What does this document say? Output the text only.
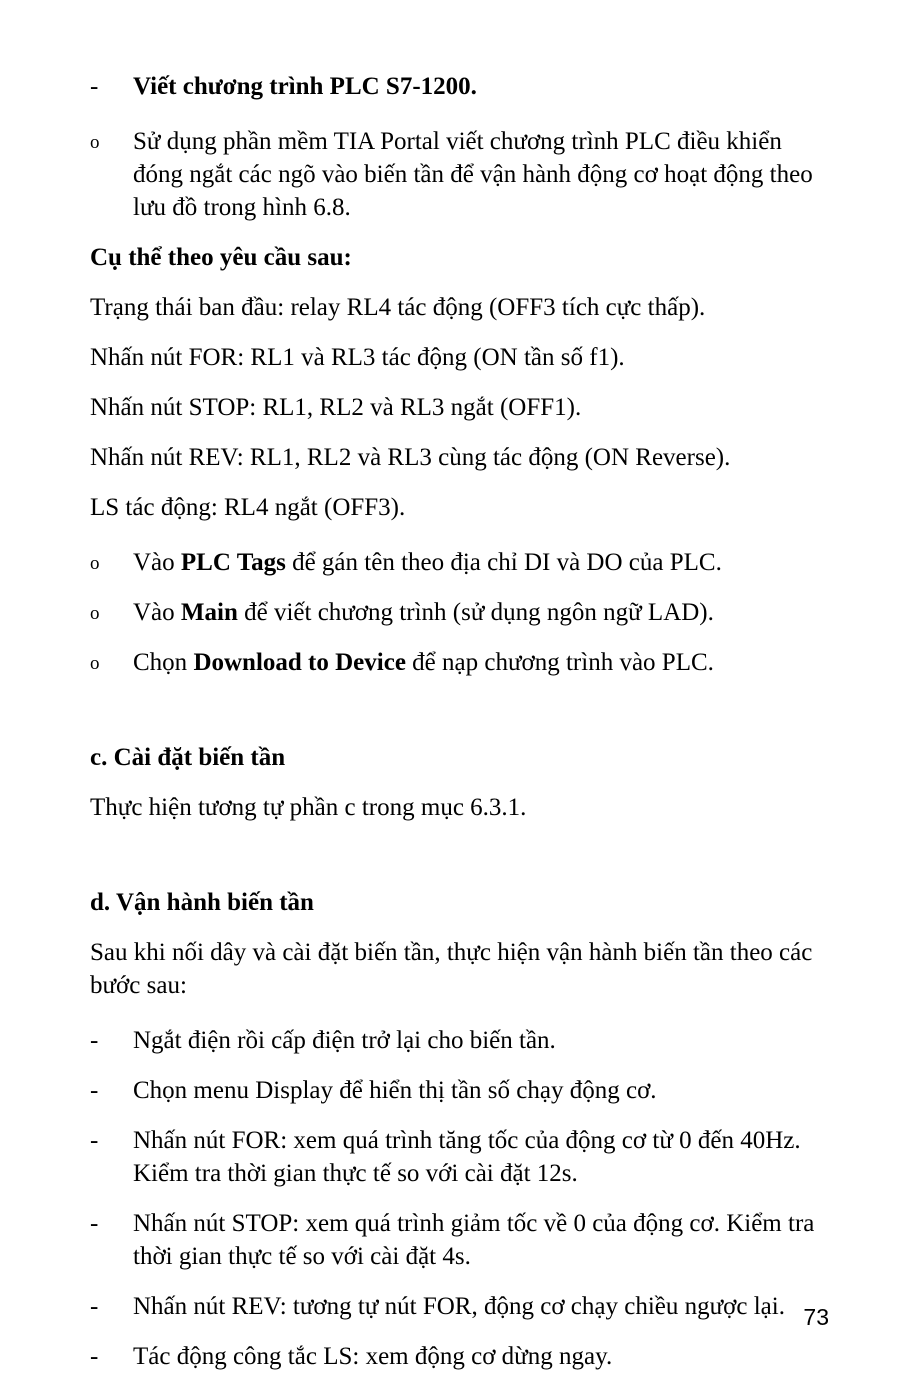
-	Viết chương trình PLC S7-1200.
o	Sử dụng phần mềm TIA Portal viết chương trình PLC điều khiển đóng ngắt các ngõ vào biến tần để vận hành động cơ hoạt động theo lưu đồ trong hình 6.8.

Cụ thể theo yêu cầu sau:

Trạng thái ban đầu: relay RL4 tác động (OFF3 tích cực thấp).

Nhấn nút FOR: RL1 và RL3 tác động (ON tần số f1).

Nhấn nút STOP: RL1, RL2 và RL3 ngắt (OFF1).

Nhấn nút REV: RL1, RL2 và RL3 cùng tác động (ON Reverse).

LS tác động: RL4 ngắt (OFF3).

o	Vào PLC Tags để gán tên theo địa chỉ DI và DO của PLC.
o	Vào Main để viết chương trình (sử dụng ngôn ngữ LAD).
o	Chọn Download to Device để nạp chương trình vào PLC.

c. Cài đặt biến tần

Thực hiện tương tự phần c trong mục 6.3.1.

d. Vận hành biến tần

Sau khi nối dây và cài đặt biến tần, thực hiện vận hành biến tần theo các bước sau:

-	Ngắt điện rồi cấp điện trở lại cho biến tần.
-	Chọn menu Display để hiển thị tần số chạy động cơ.
-	Nhấn nút FOR: xem quá trình tăng tốc của động cơ từ 0 đến 40Hz. Kiểm tra thời gian thực tế so với cài đặt 12s.
-	Nhấn nút STOP: xem quá trình giảm tốc về 0 của động cơ. Kiểm tra thời gian thực tế so với cài đặt 4s.
-	Nhấn nút REV: tương tự nút FOR, động cơ chạy chiều ngược lại.
-	Tác động công tắc LS: xem động cơ dừng ngay.
73
